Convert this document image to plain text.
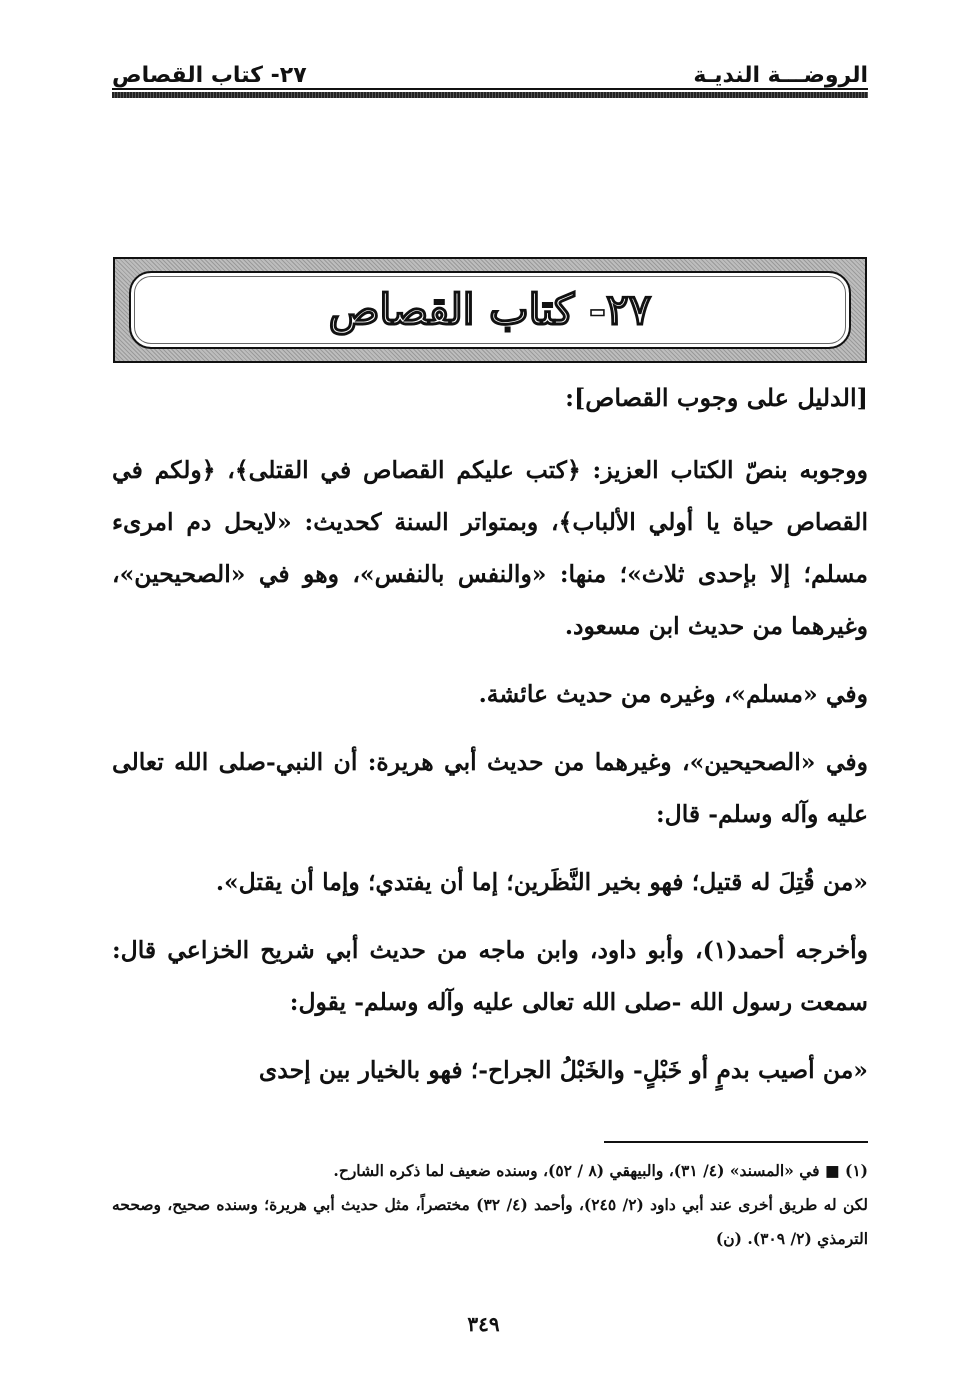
الروضـــة النديـة
٢٧- كتاب القصاص
٢٧- كتاب القصاص

[الدليل على وجوب القصاص]:

ووجوبه بنصّ الكتاب العزيز: ﴿كتب عليكم القصاص في القتلى﴾، ﴿ولكم في القصاص حياة يا أولي الألباب﴾، وبمتواتر السنة كحديث: «لايحل دم امرىء مسلم؛ إلا بإحدى ثلاث»؛ منها: «والنفس بالنفس»، وهو في «الصحيحين»، وغيرهما من حديث ابن مسعود.

وفي «مسلم»، وغيره من حديث عائشة.

وفي «الصحيحين»، وغيرهما من حديث أبي هريرة: أن النبي-صلى الله تعالى عليه وآله وسلم- قال:

«من قُتِلَ له قتيل؛ فهو بخير النَّظَرين؛ إما أن يفتدي؛ وإما أن يقتل».

وأخرجه أحمد(١)، وأبو داود، وابن ماجه من حديث أبي شريح الخزاعي قال: سمعت رسول الله -صلى الله تعالى عليه وآله وسلم- يقول:

«من أصيب بدمٍ أو خَبْلٍ- والخَبْلُ الجراح-؛ فهو بالخيار بين إحدى

(١) ■ في «المسند» (٤/ ٣١)، والبيهقي (٨ / ٥٢)، وسنده ضعيف لما ذكره الشارح.

لكن له طريق أخرى عند أبي داود (٢/ ٢٤٥)، وأحمد (٤/ ٣٢) مختصراً، مثل حديث أبي هريرة؛ وسنده صحيح، وصححه الترمذي (٢/ ٣٠٩). (ن)

٣٤٩
